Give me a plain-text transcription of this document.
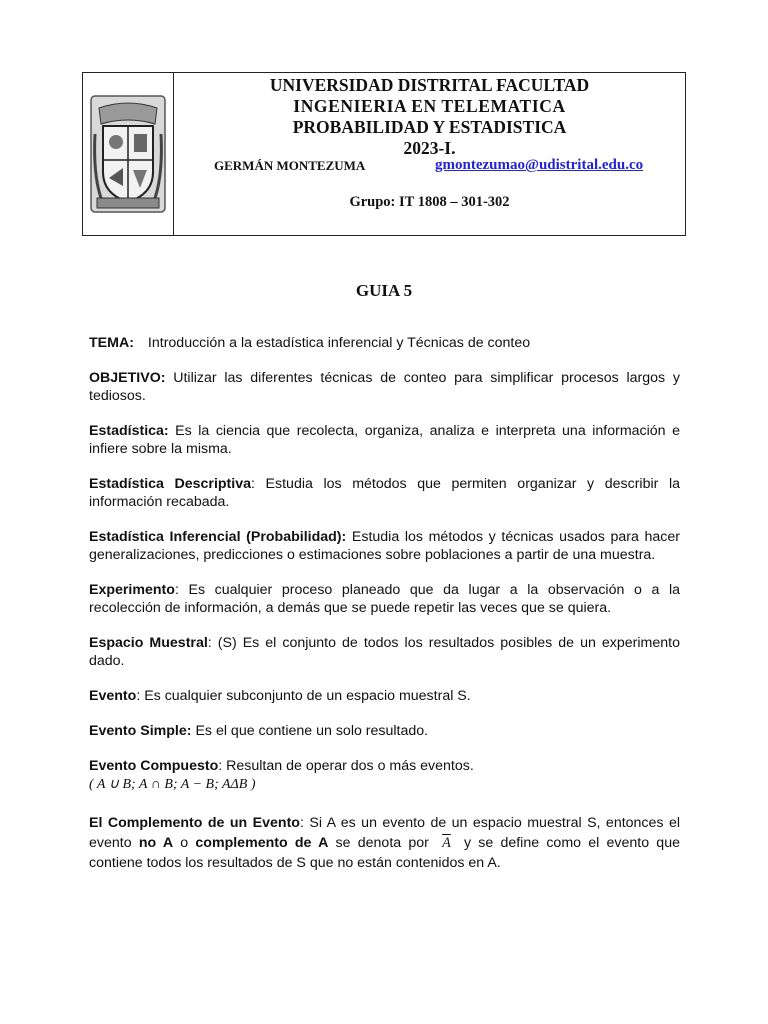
UNIVERSIDAD DISTRITAL FACULTAD
INGENIERIA EN TELEMATICA
PROBABILIDAD Y ESTADISTICA
2023-I.
GERMÁN MONTEZUMA	gmontezumao@udistrital.edu.co
Grupo: IT 1808 – 301-302
GUIA 5

TEMA: Introducción a la estadística inferencial y Técnicas de conteo

OBJETIVO: Utilizar las diferentes técnicas de conteo para simplificar procesos largos y tediosos.

Estadística: Es la ciencia que recolecta, organiza, analiza e interpreta una información e infiere sobre la misma.

Estadística Descriptiva: Estudia los métodos que permiten organizar y describir la información recabada.

Estadística Inferencial (Probabilidad): Estudia los métodos y técnicas usados para hacer generalizaciones, predicciones o estimaciones sobre poblaciones a partir de una muestra.

Experimento: Es cualquier proceso planeado que da lugar a la observación o a la recolección de información, a demás que se puede repetir las veces que se quiera.

Espacio Muestral: (S) Es el conjunto de todos los resultados posibles de un experimento dado.

Evento: Es cualquier subconjunto de un espacio muestral S.

Evento Simple: Es el que contiene un solo resultado.

Evento Compuesto: Resultan de operar dos o más eventos.
( A ∪ B; A ∩ B; A − B; AΔB )

El Complemento de un Evento: Si A es un evento de un espacio muestral S, entonces el evento no A o complemento de A se denota por $\overline{A}$ y se define como el evento que contiene todos los resultados de S que no están contenidos en A.
